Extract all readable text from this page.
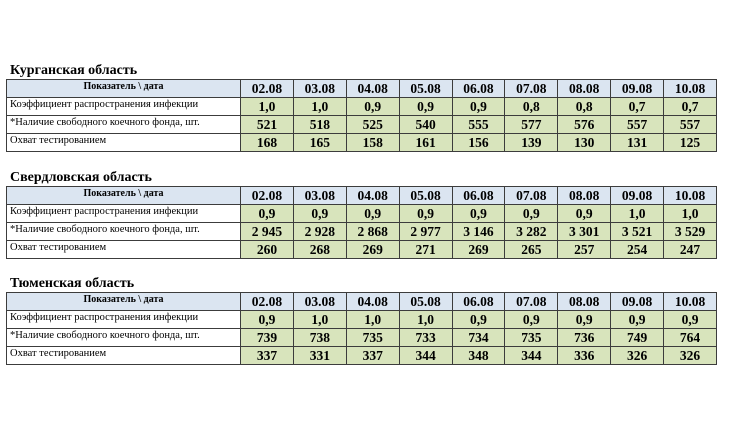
Курганская область
Показатель \ дата	02.08	03.08	04.08	05.08	06.08	07.08	08.08	09.08	10.08
Коэффициент распространения инфекции	1,0	1,0	0,9	0,9	0,9	0,8	0,8	0,7	0,7
*Наличие свободного коечного фонда, шт.	521	518	525	540	555	577	576	557	557
Охват тестированием	168	165	158	161	156	139	130	131	125
Свердловская область
Показатель \ дата	02.08	03.08	04.08	05.08	06.08	07.08	08.08	09.08	10.08
Коэффициент распространения инфекции	0,9	0,9	0,9	0,9	0,9	0,9	0,9	1,0	1,0
*Наличие свободного коечного фонда, шт.	2 945	2 928	2 868	2 977	3 146	3 282	3 301	3 521	3 529
Охват тестированием	260	268	269	271	269	265	257	254	247
Тюменская область
Показатель \ дата	02.08	03.08	04.08	05.08	06.08	07.08	08.08	09.08	10.08
Коэффициент распространения инфекции	0,9	1,0	1,0	1,0	0,9	0,9	0,9	0,9	0,9
*Наличие свободного коечного фонда, шт.	739	738	735	733	734	735	736	749	764
Охват тестированием	337	331	337	344	348	344	336	326	326
